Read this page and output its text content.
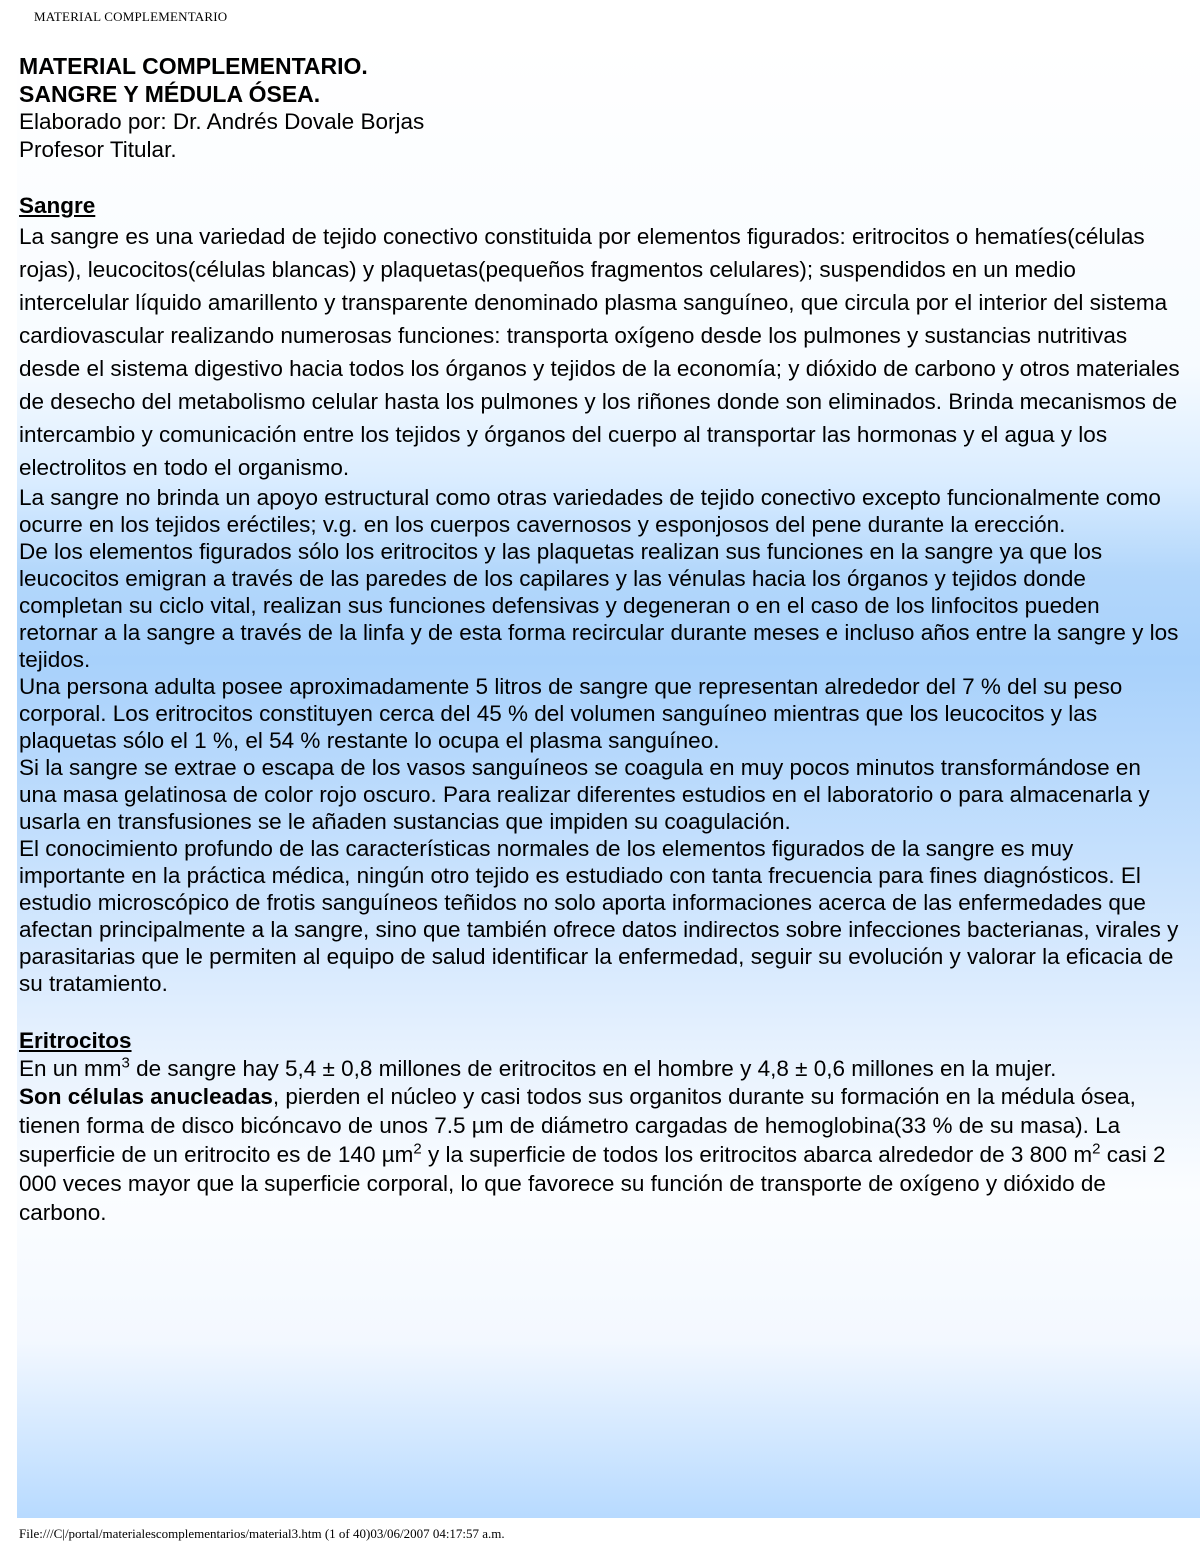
MATERIAL COMPLEMENTARIO

MATERIAL COMPLEMENTARIO.

SANGRE Y MÉDULA ÓSEA.

Elaborado por: Dr. Andrés Dovale Borjas

Profesor Titular.

Sangre

La sangre es una variedad de tejido conectivo constituida por elementos figurados: eritrocitos o hematíes(células rojas), leucocitos(células blancas) y plaquetas(pequeños fragmentos celulares); suspendidos en un medio intercelular líquido amarillento y transparente denominado plasma sanguíneo, que circula por el interior del sistema cardiovascular realizando numerosas funciones: transporta oxígeno desde los pulmones y sustancias nutritivas desde el sistema digestivo hacia todos los órganos y tejidos de la economía; y dióxido de carbono y otros materiales de desecho del metabolismo celular hasta los pulmones y los riñones donde son eliminados. Brinda mecanismos de intercambio y comunicación entre los tejidos y órganos del cuerpo al transportar las hormonas y el agua y los electrolitos en todo el organismo.

La sangre no brinda un apoyo estructural como otras variedades de tejido conectivo excepto funcionalmente como ocurre en los tejidos eréctiles; v.g. en los cuerpos cavernosos y esponjosos del pene durante la erección.

De los elementos figurados sólo los eritrocitos y las plaquetas realizan sus funciones en la sangre ya que los leucocitos emigran a través de las paredes de los capilares y las vénulas hacia los órganos y tejidos donde completan su ciclo vital, realizan sus funciones defensivas y degeneran o en el caso de los linfocitos pueden retornar a la sangre a través de la linfa y de esta forma recircular durante meses e incluso años entre la sangre y los tejidos.

Una persona adulta posee aproximadamente 5 litros de sangre que representan alrededor del 7 % del su peso corporal. Los eritrocitos constituyen cerca del 45 % del volumen sanguíneo mientras que los leucocitos y las plaquetas sólo el 1 %, el 54 % restante lo ocupa el plasma sanguíneo.

Si la sangre se extrae o escapa de los vasos sanguíneos se coagula en muy pocos minutos transformándose en una masa gelatinosa de color rojo oscuro. Para realizar diferentes estudios en el laboratorio o para almacenarla y usarla en transfusiones se le añaden sustancias que impiden su coagulación.

El conocimiento profundo de las características normales de los elementos figurados de la sangre es muy importante en la práctica médica, ningún otro tejido es estudiado con tanta frecuencia para fines diagnósticos. El estudio microscópico de frotis sanguíneos teñidos no solo aporta informaciones acerca de las enfermedades que afectan principalmente a la sangre, sino que también ofrece datos indirectos sobre infecciones bacterianas, virales y parasitarias que le permiten al equipo de salud identificar la enfermedad, seguir su evolución y valorar la eficacia de su tratamiento.

Eritrocitos

En un $mm^3$ de sangre hay 5,4 ± 0,8 millones de eritrocitos en el hombre y 4,8 ± 0,6 millones en la mujer.

Son células anucleadas, pierden el núcleo y casi todos sus organitos durante su formación en la médula ósea, tienen forma de disco bicóncavo de unos 7.5 µm de diámetro cargadas de hemoglobina(33 % de su masa). La superficie de un eritrocito es de 140 µm$^2$ y la superficie de todos los eritrocitos abarca alrededor de 3 800 $m^2$ casi 2 000 veces mayor que la superficie corporal, lo que favorece su función de transporte de oxígeno y dióxido de carbono.

File:///C|/portal/materialescomplementarios/material3.htm (1 of 40)03/06/2007 04:17:57 a.m.
